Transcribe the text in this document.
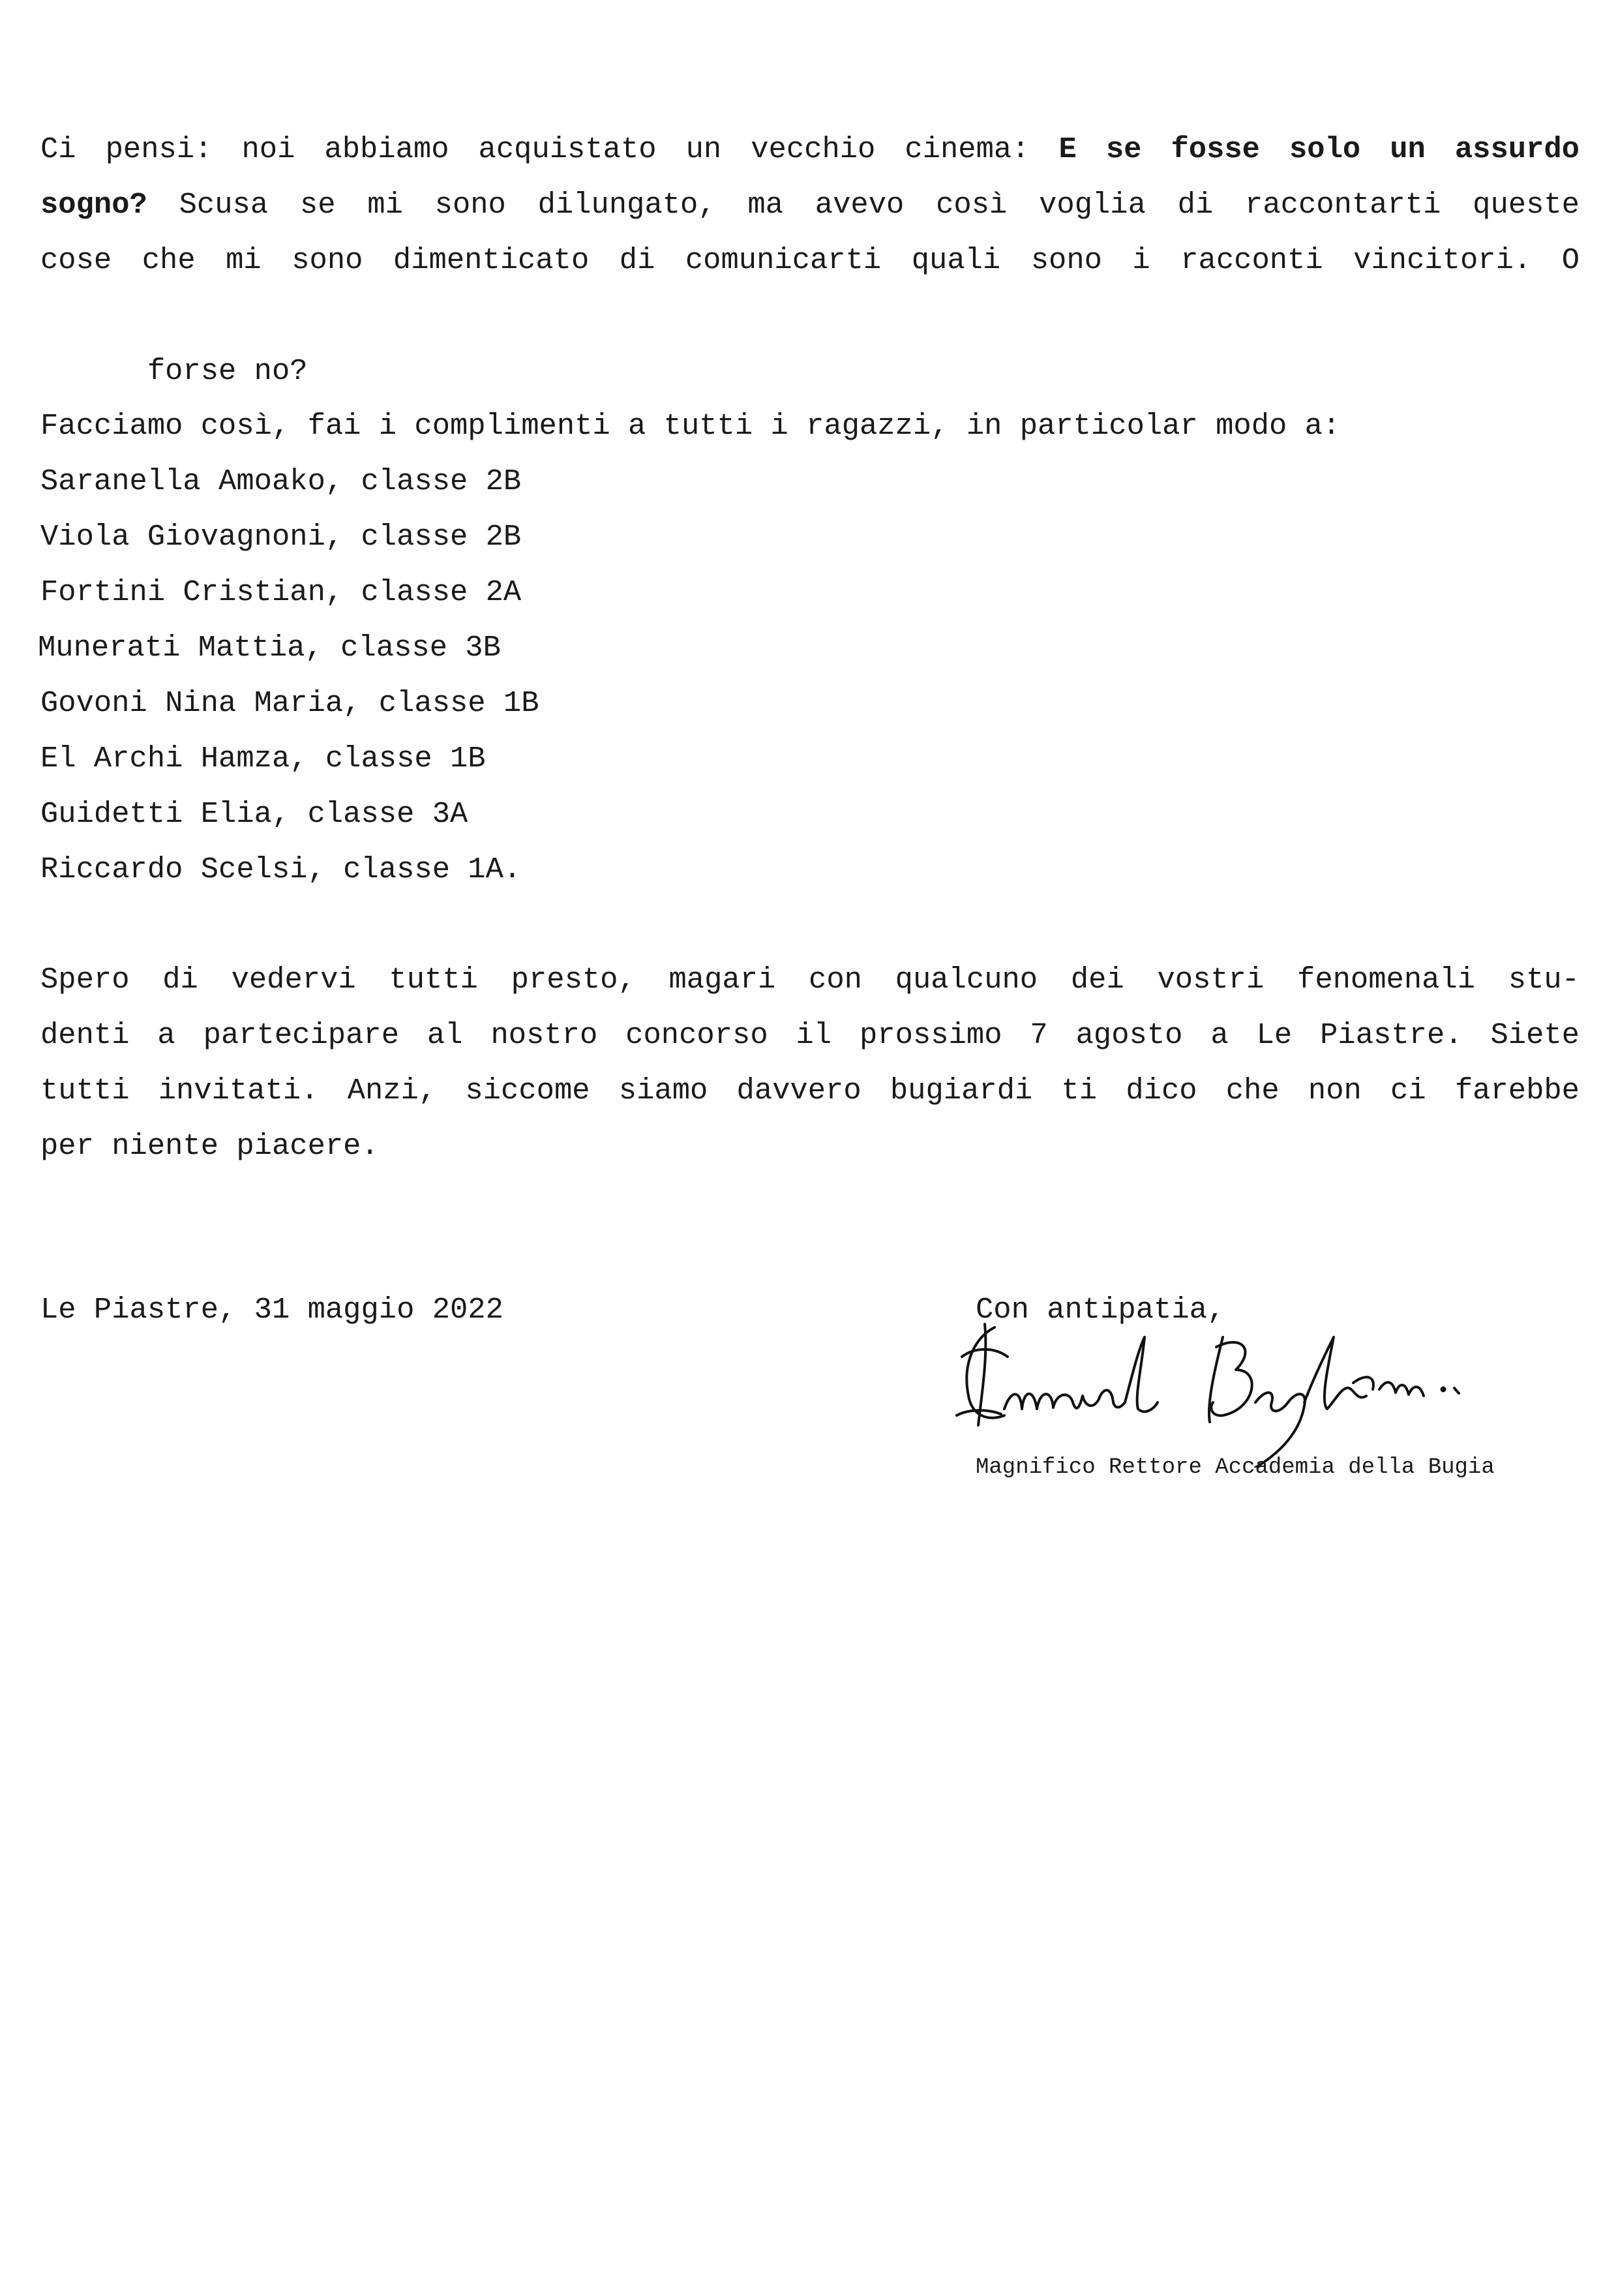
Ci pensi: noi abbiamo acquistato un vecchio cinema: E se fosse solo un assurdo
sogno? Scusa se mi sono dilungato, ma avevo così voglia di raccontarti queste
cose che mi sono dimenticato di comunicarti quali sono i racconti vincitori. O

forse no?

Facciamo così, fai i complimenti a tutti i ragazzi, in particolar modo a:
Saranella Amoako, classe 2B
Viola Giovagnoni, classe 2B
Fortini Cristian, classe 2A
Munerati Mattia, classe 3B
Govoni Nina Maria, classe 1B
El Archi Hamza, classe 1B
Guidetti Elia, classe 3A
Riccardo Scelsi, classe 1A.
Spero di vedervi tutti presto, magari con qualcuno dei vostri fenomenali stu-
denti a partecipare al nostro concorso il prossimo 7 agosto a Le Piastre. Siete
tutti invitati. Anzi, siccome siamo davvero bugiardi ti dico che non ci farebbe
per niente piacere.
Le Piastre, 31 maggio 2022	Con antipatia,
Magnifico Rettore Accademia della Bugia
